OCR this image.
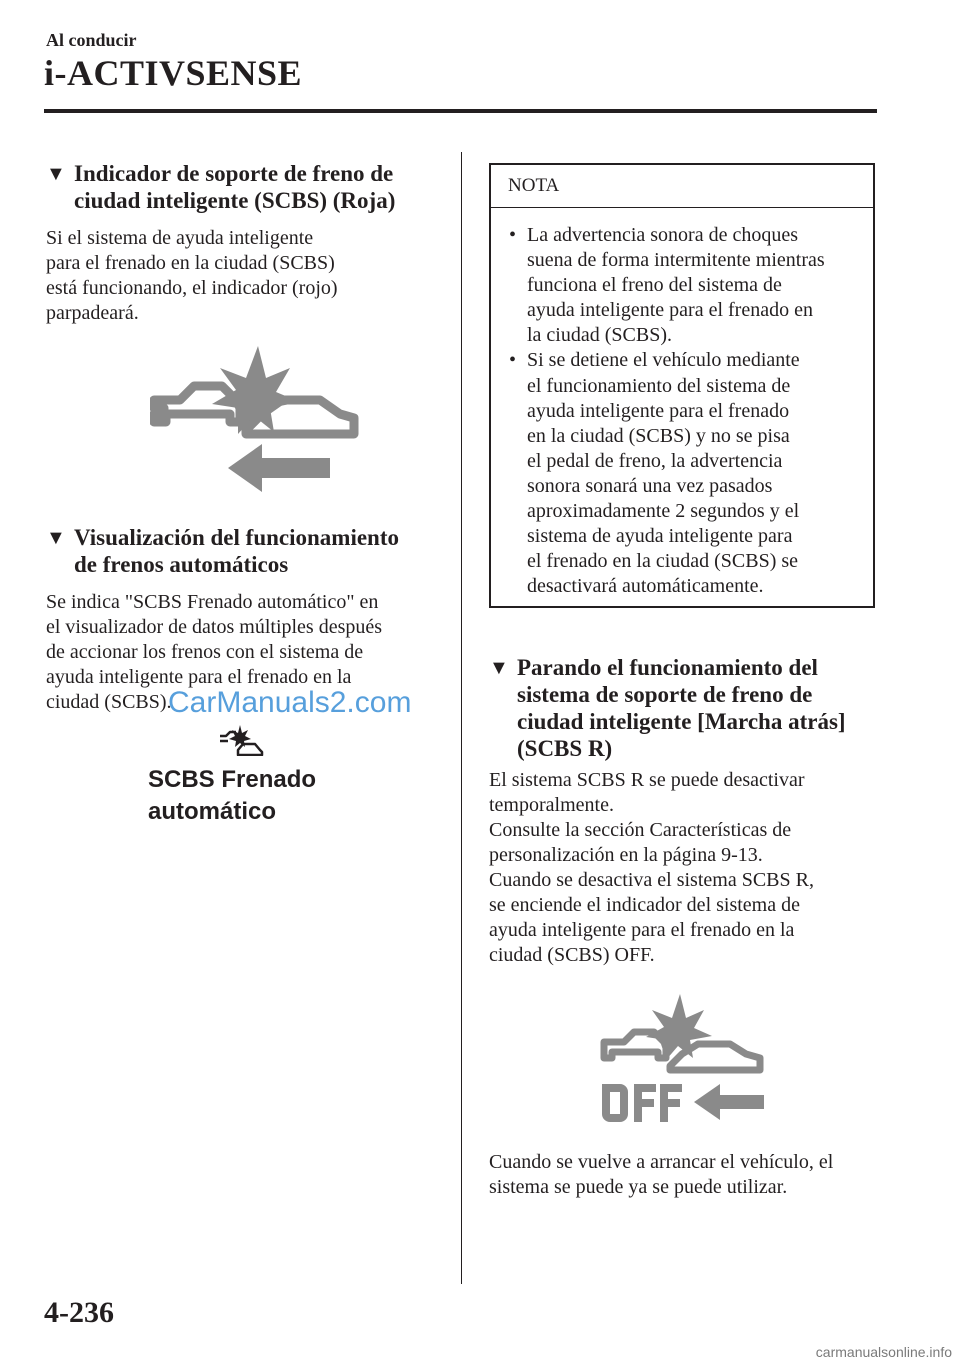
Al conducir
i-ACTIVSENSE
▼ Indicador de soporte de freno de
ciudad inteligente (SCBS) (Roja)

Si el sistema de ayuda inteligente

para el frenado en la ciudad (SCBS)

está funcionando, el indicador (rojo)

parpadeará.

▼ Visualización del funcionamiento
de frenos automáticos

Se indica "SCBS Frenado automático" en

el visualizador de datos múltiples después

de accionar los frenos con el sistema de

ayuda inteligente para el frenado en la

ciudad (SCBS).

CarManuals2.com
SCBS Frenado
automático
NOTA
• La advertencia sonora de choques
suena de forma intermitente mientras
funciona el freno del sistema de
ayuda inteligente para el frenado en
la ciudad (SCBS).
• Si se detiene el vehículo mediante
el funcionamiento del sistema de
ayuda inteligente para el frenado
en la ciudad (SCBS) y no se pisa
el pedal de freno, la advertencia
sonora sonará una vez pasados
aproximadamente 2 segundos y el
sistema de ayuda inteligente para
el frenado en la ciudad (SCBS) se
desactivará automáticamente.
▼ Parando el funcionamiento del
sistema de soporte de freno de
ciudad inteligente [Marcha atrás]
(SCBS R)

El sistema SCBS R se puede desactivar

temporalmente.

Consulte la sección Características de

personalización en la página 9-13.

Cuando se desactiva el sistema SCBS R,

se enciende el indicador del sistema de

ayuda inteligente para el frenado en la

ciudad (SCBS) OFF.

Cuando se vuelve a arrancar el vehículo, el

sistema se puede ya se puede utilizar.

4-236
carmanualsonline.info
